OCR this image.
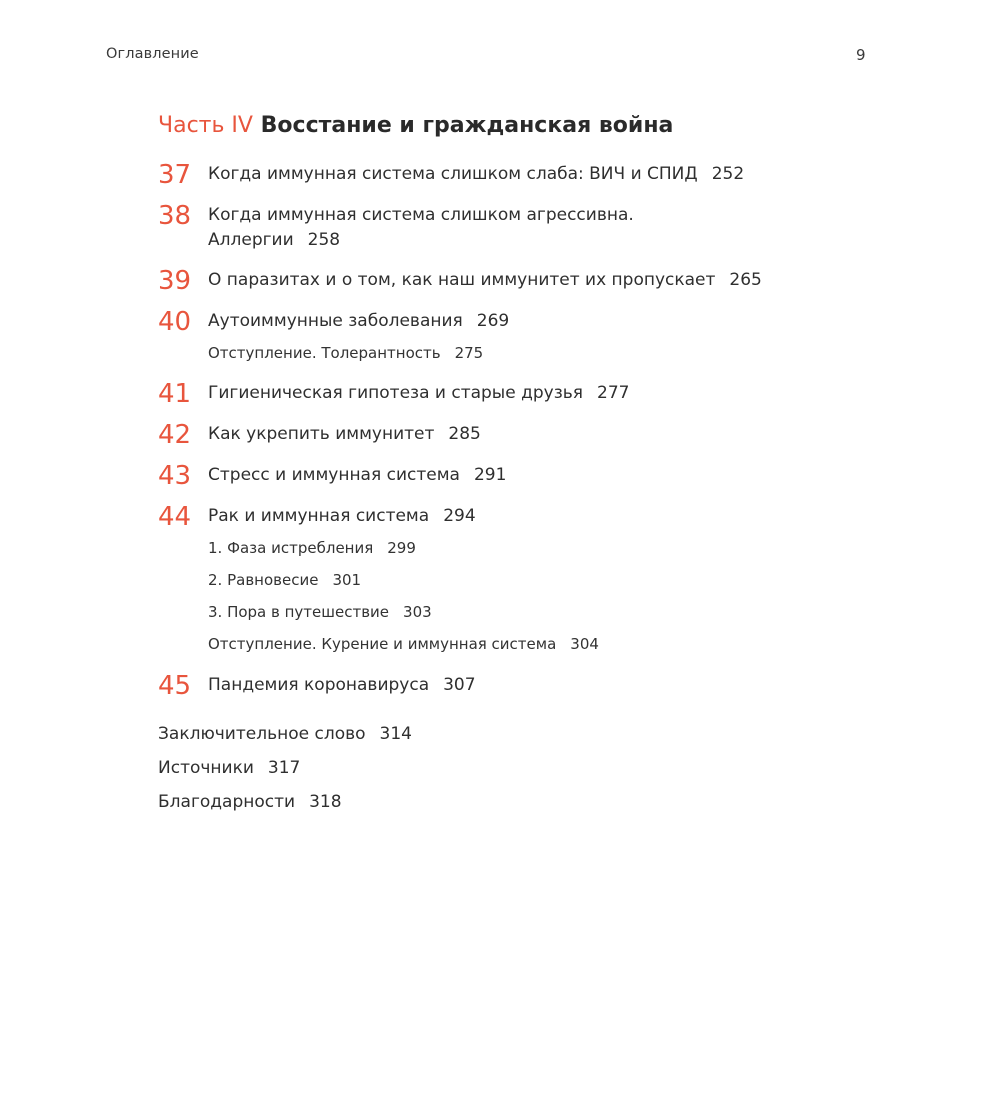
Оглавление	9
Часть IV Восстание и гражданская война
37 Когда иммунная система слишком слаба: ВИЧ и СПИД 252
38 Когда иммунная система слишком агрессивна.
Аллергии 258
39 О паразитах и о том, как наш иммунитет их пропускает 265
40 Аутоиммунные заболевания 269
Отступление. Толерантность 275
41 Гигиеническая гипотеза и старые друзья 277
42 Как укрепить иммунитет 285
43 Стресс и иммунная система 291
44 Рак и иммунная система 294
1. Фаза истребления 299
2. Равновесие 301
3. Пора в путешествие 303
Отступление. Курение и иммунная система 304
45 Пандемия коронавируса 307
Заключительное слово 314
Источники 317
Благодарности 318
